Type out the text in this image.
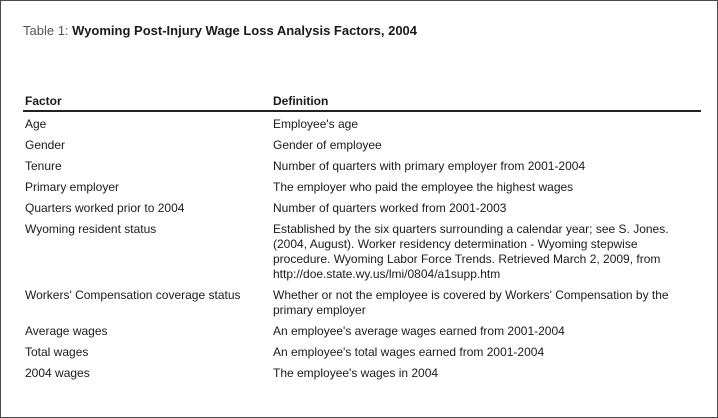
Table 1: Wyoming Post-Injury Wage Loss Analysis Factors, 2004
Factor	Definition
Age	Employee's age
Gender	Gender of employee
Tenure	Number of quarters with primary employer from 2001-2004
Primary employer	The employer who paid the employee the highest wages
Quarters worked prior to 2004	Number of quarters worked from 2001-2003
Wyoming resident status	Established by the six quarters surrounding a calendar year; see S. Jones. (2004, August). Worker residency determination - Wyoming stepwise procedure. Wyoming Labor Force Trends. Retrieved March 2, 2009, from http://doe.state.wy.us/lmi/0804/a1supp.htm
Workers' Compensation coverage status	Whether or not the employee is covered by Workers' Compensation by the primary employer
Average wages	An employee's average wages earned from 2001-2004
Total wages	An employee's total wages earned from 2001-2004
2004 wages	The employee's wages in 2004
